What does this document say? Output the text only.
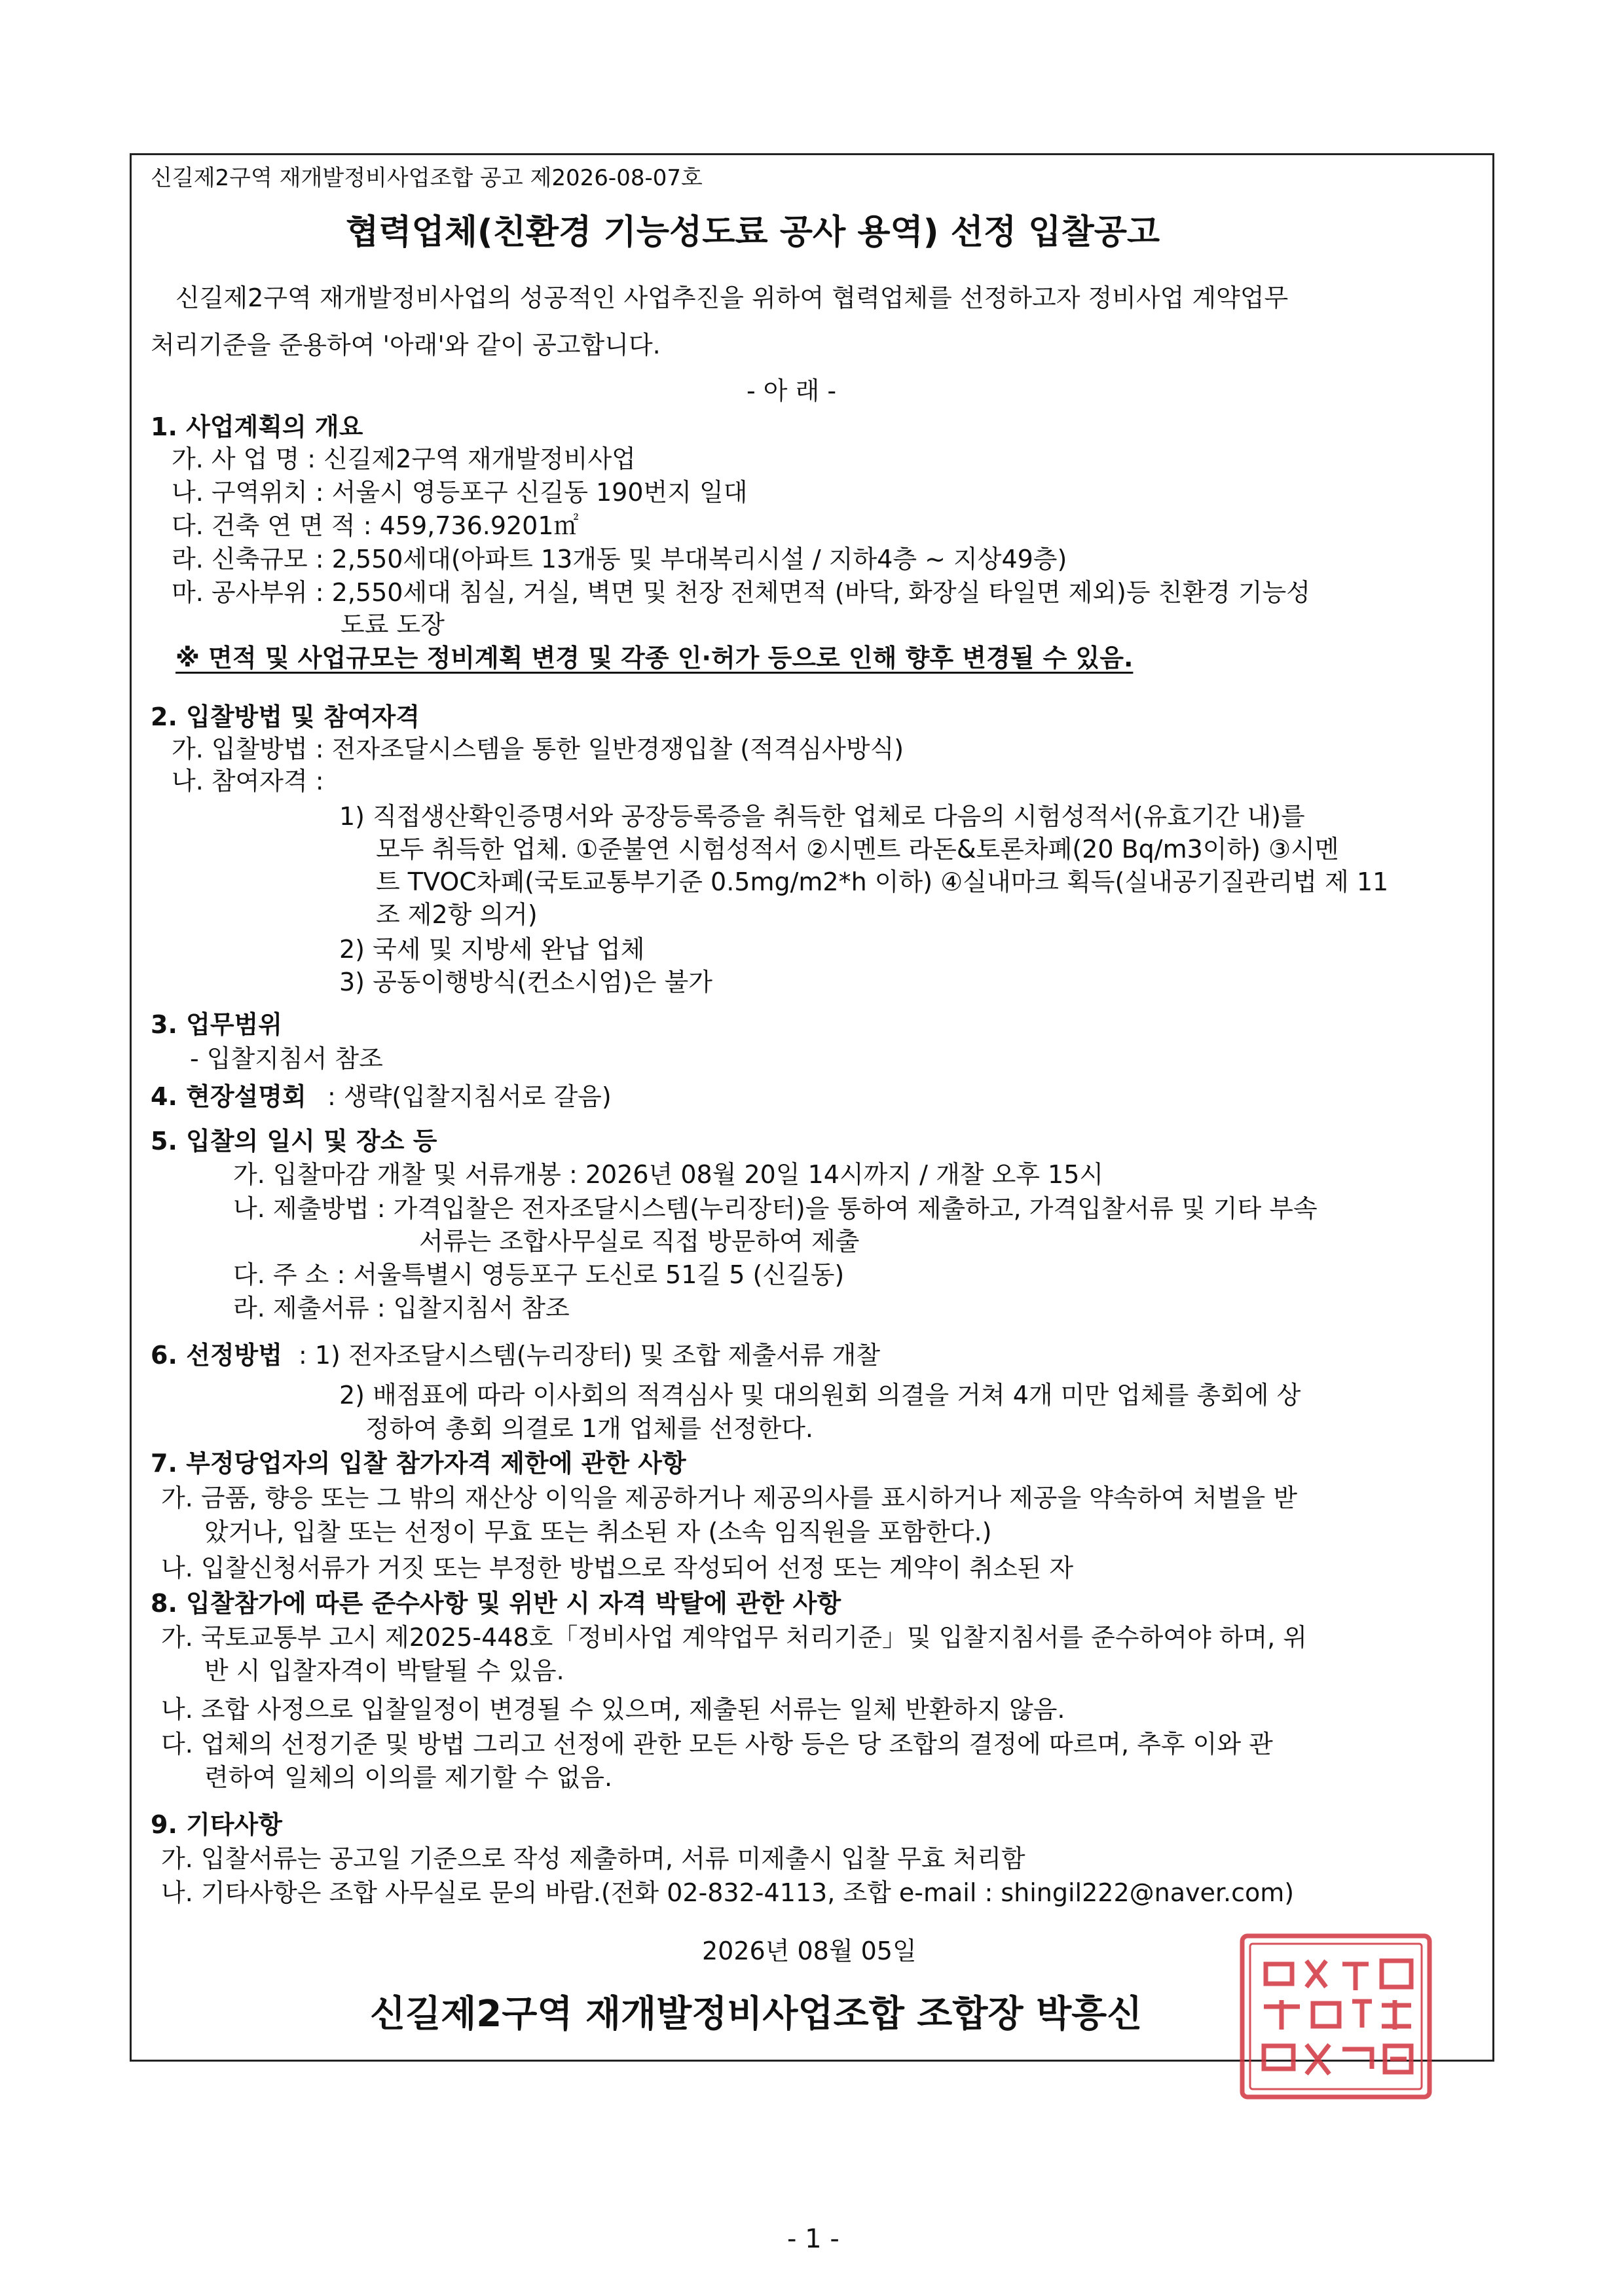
신길제2구역 재개발정비사업조합 공고 제2026-08-07호
협력업체(친환경 기능성도료 공사 용역) 선정 입찰공고
신길제2구역 재개발정비사업의 성공적인 사업추진을 위하여 협력업체를 선정하고자 정비사업 계약업무
처리기준을 준용하여 '아래'와 같이 공고합니다.
- 아 래 -
1. 사업계획의 개요
가. 사 업 명 : 신길제2구역 재개발정비사업
나. 구역위치 : 서울시 영등포구 신길동 190번지 일대
다. 건축 연 면 적 : 459,736.9201㎡
라. 신축규모 : 2,550세대(아파트 13개동 및 부대복리시설 / 지하4층 ~ 지상49층)
마. 공사부위 : 2,550세대 침실, 거실, 벽면 및 천장 전체면적 (바닥, 화장실 타일면 제외)등 친환경 기능성
도료 도장
※ 면적 및 사업규모는 정비계획 변경 및 각종 인·허가 등으로 인해 향후 변경될 수 있음.
2. 입찰방법 및 참여자격
가. 입찰방법 : 전자조달시스템을 통한 일반경쟁입찰 (적격심사방식)
나. 참여자격 :
1) 직접생산확인증명서와 공장등록증을 취득한 업체로 다음의 시험성적서(유효기간 내)를
모두 취득한 업체. ①준불연 시험성적서 ②시멘트 라돈&토론차폐(20 Bq/m3이하) ③시멘
트 TVOC차폐(국토교통부기준 0.5mg/m2*h 이하) ④실내마크 획득(실내공기질관리법 제 11
조 제2항 의거)
2) 국세 및 지방세 완납 업체
3) 공동이행방식(컨소시엄)은 불가
3. 업무범위
- 입찰지침서 참조
4. 현장설명회 : 생략(입찰지침서로 갈음)
5. 입찰의 일시 및 장소 등
가. 입찰마감 개찰 및 서류개봉 : 2026년 08월 20일 14시까지 / 개찰 오후 15시
나. 제출방법 : 가격입찰은 전자조달시스템(누리장터)을 통하여 제출하고, 가격입찰서류 및 기타 부속
서류는 조합사무실로 직접 방문하여 제출
다. 주 소 : 서울특별시 영등포구 도신로 51길 5 (신길동)
라. 제출서류 : 입찰지침서 참조
6. 선정방법 : 1) 전자조달시스템(누리장터) 및 조합 제출서류 개찰
2) 배점표에 따라 이사회의 적격심사 및 대의원회 의결을 거쳐 4개 미만 업체를 총회에 상
정하여 총회 의결로 1개 업체를 선정한다.
7. 부정당업자의 입찰 참가자격 제한에 관한 사항
가. 금품, 향응 또는 그 밖의 재산상 이익을 제공하거나 제공의사를 표시하거나 제공을 약속하여 처벌을 받
았거나, 입찰 또는 선정이 무효 또는 취소된 자 (소속 임직원을 포함한다.)
나. 입찰신청서류가 거짓 또는 부정한 방법으로 작성되어 선정 또는 계약이 취소된 자
8. 입찰참가에 따른 준수사항 및 위반 시 자격 박탈에 관한 사항
가. 국토교통부 고시 제2025-448호「정비사업 계약업무 처리기준」및 입찰지침서를 준수하여야 하며, 위
반 시 입찰자격이 박탈될 수 있음.
나. 조합 사정으로 입찰일정이 변경될 수 있으며, 제출된 서류는 일체 반환하지 않음.
다. 업체의 선정기준 및 방법 그리고 선정에 관한 모든 사항 등은 당 조합의 결정에 따르며, 추후 이와 관
련하여 일체의 이의를 제기할 수 없음.
9. 기타사항
가. 입찰서류는 공고일 기준으로 작성 제출하며, 서류 미제출시 입찰 무효 처리함
나. 기타사항은 조합 사무실로 문의 바람.(전화 02-832-4113, 조합 e-mail : shingil222@naver.com)
2026년 08월 05일
신길제2구역 재개발정비사업조합 조합장 박흥신
- 1 -
